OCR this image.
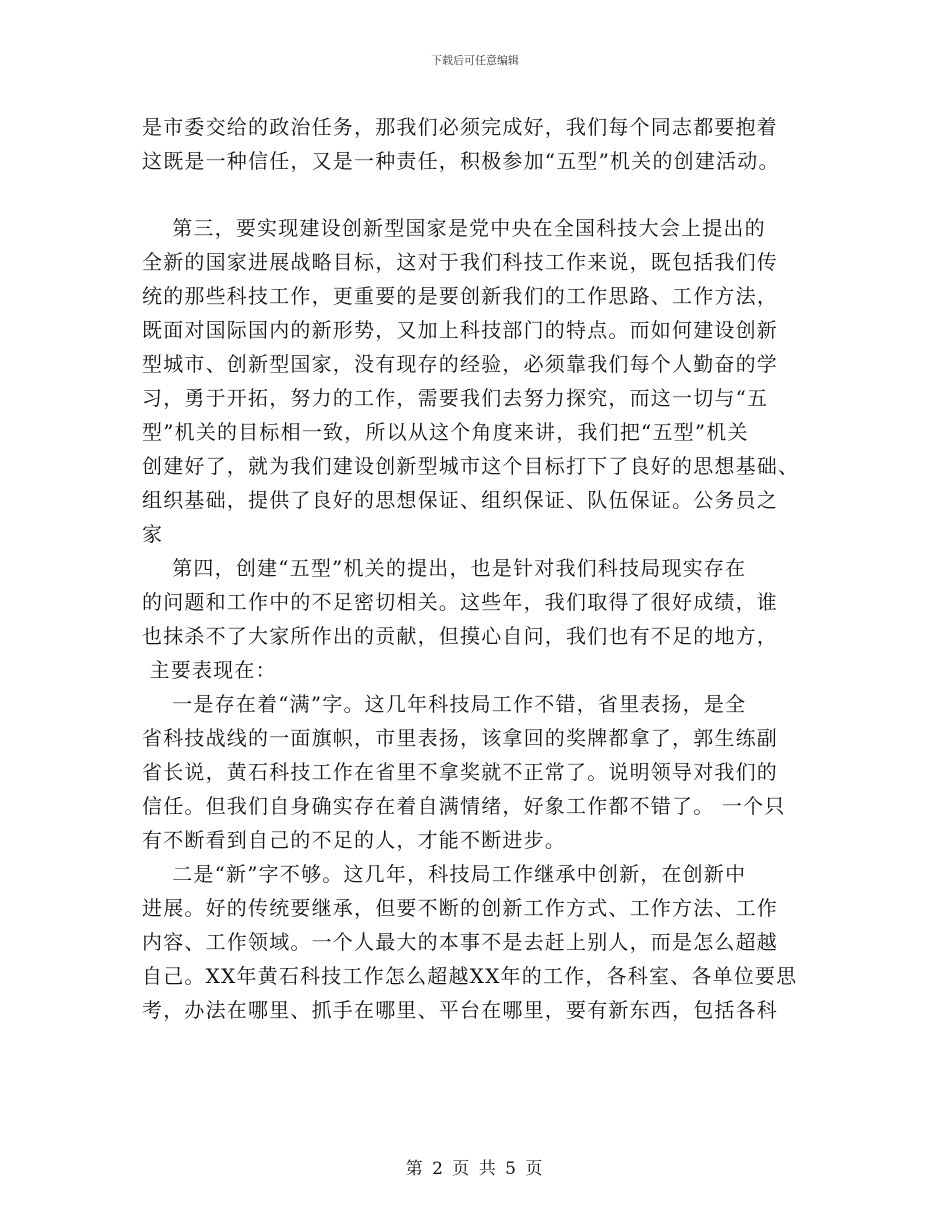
下载后可任意编辑
是市委交给的政治任务，那我们必须完成好，我们每个同志都要抱着
这既是一种信任，又是一种责任，积极参加“五型”机关的创建活动。
第三，要实现建设创新型国家是党中央在全国科技大会上提出的
全新的国家进展战略目标，这对于我们科技工作来说，既包括我们传
统的那些科技工作，更重要的是要创新我们的工作思路、工作方法，
既面对国际国内的新形势，又加上科技部门的特点。而如何建设创新
型城市、创新型国家，没有现存的经验，必须靠我们每个人勤奋的学
习，勇于开拓，努力的工作，需要我们去努力探究，而这一切与“五
型”机关的目标相一致，所以从这个角度来讲，我们把“五型”机关
创建好了，就为我们建设创新型城市这个目标打下了良好的思想基础、
组织基础，提供了良好的思想保证、组织保证、队伍保证。公务员之
家
第四，创建“五型”机关的提出，也是针对我们科技局现实存在
的问题和工作中的不足密切相关。这些年，我们取得了很好成绩，谁
也抹杀不了大家所作出的贡献，但摸心自问，我们也有不足的地方，
主要表现在：
一是存在着“满”字。这几年科技局工作不错，省里表扬，是全
省科技战线的一面旗帜，市里表扬，该拿回的奖牌都拿了，郭生练副
省长说，黄石科技工作在省里不拿奖就不正常了。说明领导对我们的
信任。但我们自身确实存在着自满情绪，好象工作都不错了。 一个只
有不断看到自己的不足的人，才能不断进步。
二是“新”字不够。这几年，科技局工作继承中创新，在创新中
进展。好的传统要继承，但要不断的创新工作方式、工作方法、工作
内容、工作领域。一个人最大的本事不是去赶上别人，而是怎么超越
自己。XX年黄石科技工作怎么超越XX年的工作，各科室、各单位要思
考，办法在哪里、抓手在哪里、平台在哪里，要有新东西，包括各科
第 2 页 共 5 页
